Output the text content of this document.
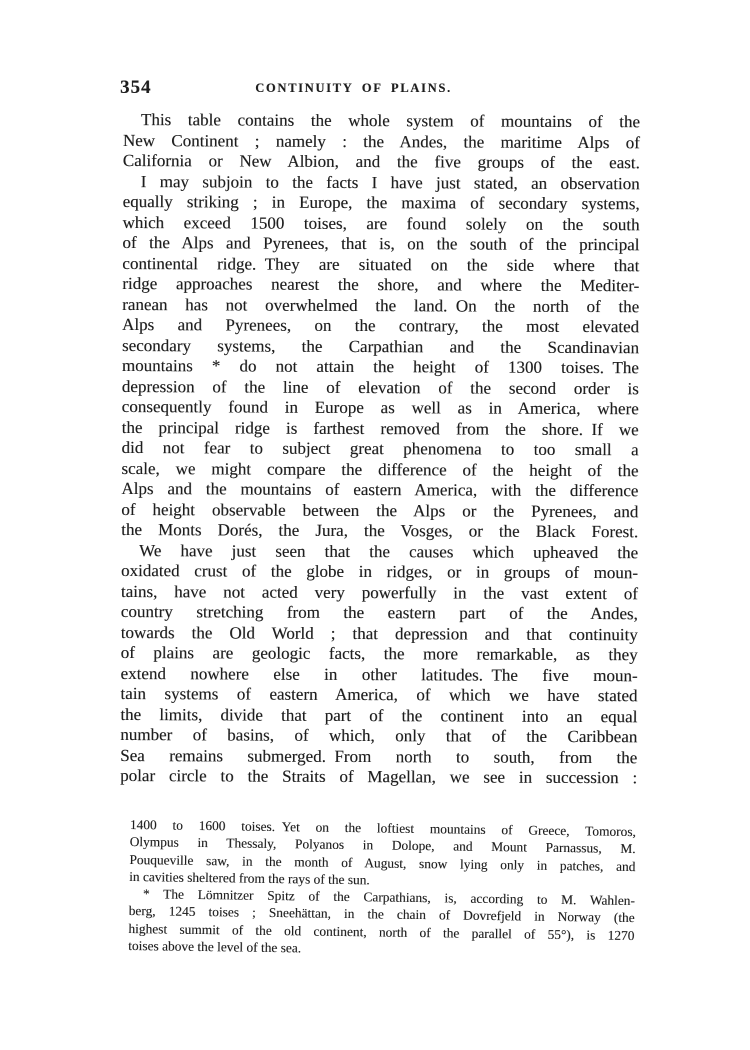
354	CONTINUITY OF PLAINS.
This table contains the whole system of mountains of the
New Continent ; namely : the Andes, the maritime Alps of
California or New Albion, and the five groups of the east.
I may subjoin to the facts I have just stated, an observation
equally striking ; in Europe, the maxima of secondary systems,
which exceed 1500 toises, are found solely on the south
of the Alps and Pyrenees, that is, on the south of the principal
continental ridge. They are situated on the side where that
ridge approaches nearest the shore, and where the Mediter-
ranean has not overwhelmed the land. On the north of the
Alps and Pyrenees, on the contrary, the most elevated
secondary systems, the Carpathian and the Scandinavian
mountains * do not attain the height of 1300 toises. The
depression of the line of elevation of the second order is
consequently found in Europe as well as in America, where
the principal ridge is farthest removed from the shore. If we
did not fear to subject great phenomena to too small a
scale, we might compare the difference of the height of the
Alps and the mountains of eastern America, with the difference
of height observable between the Alps or the Pyrenees, and
the Monts Dorés, the Jura, the Vosges, or the Black Forest.
We have just seen that the causes which upheaved the
oxidated crust of the globe in ridges, or in groups of moun-
tains, have not acted very powerfully in the vast extent of
country stretching from the eastern part of the Andes,
towards the Old World ; that depression and that continuity
of plains are geologic facts, the more remarkable, as they
extend nowhere else in other latitudes. The five moun-
tain systems of eastern America, of which we have stated
the limits, divide that part of the continent into an equal
number of basins, of which, only that of the Caribbean
Sea remains submerged. From north to south, from the
polar circle to the Straits of Magellan, we see in succession :
1400 to 1600 toises. Yet on the loftiest mountains of Greece, Tomoros,
Olympus in Thessaly, Polyanos in Dolope, and Mount Parnassus, M.
Pouqueville saw, in the month of August, snow lying only in patches, and
in cavities sheltered from the rays of the sun.
* The Lömnitzer Spitz of the Carpathians, is, according to M. Wahlen-
berg, 1245 toises ; Sneehättan, in the chain of Dovrefjeld in Norway (the
highest summit of the old continent, north of the parallel of 55°), is 1270
toises above the level of the sea.
